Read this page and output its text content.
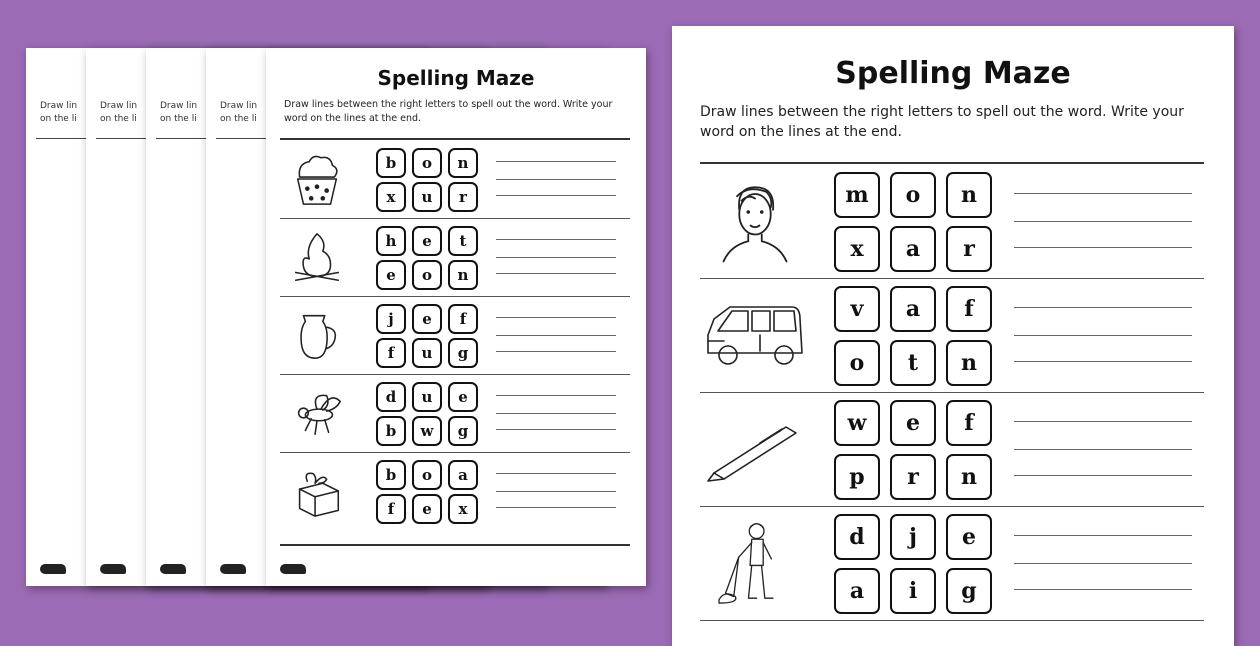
Draw lin
on the li
Draw lin
on the li
Draw lin
on the li
Draw lin
on the li
Spelling Maze
Draw lines between the right letters to spell out the word. Write your word on the lines at the end.
b	o	n
x	u	r
h	e	t
e	o	n
j	e	f
f	u	g
d	u	e
b	w	g
b	o	a
f	e	x
Spelling Maze
Draw lines between the right letters to spell out the word. Write your word on the lines at the end.
m	o	n
x	a	r
v	a	f
o	t	n
w	e	f
p	r	n
d	j	e
a	i	g
